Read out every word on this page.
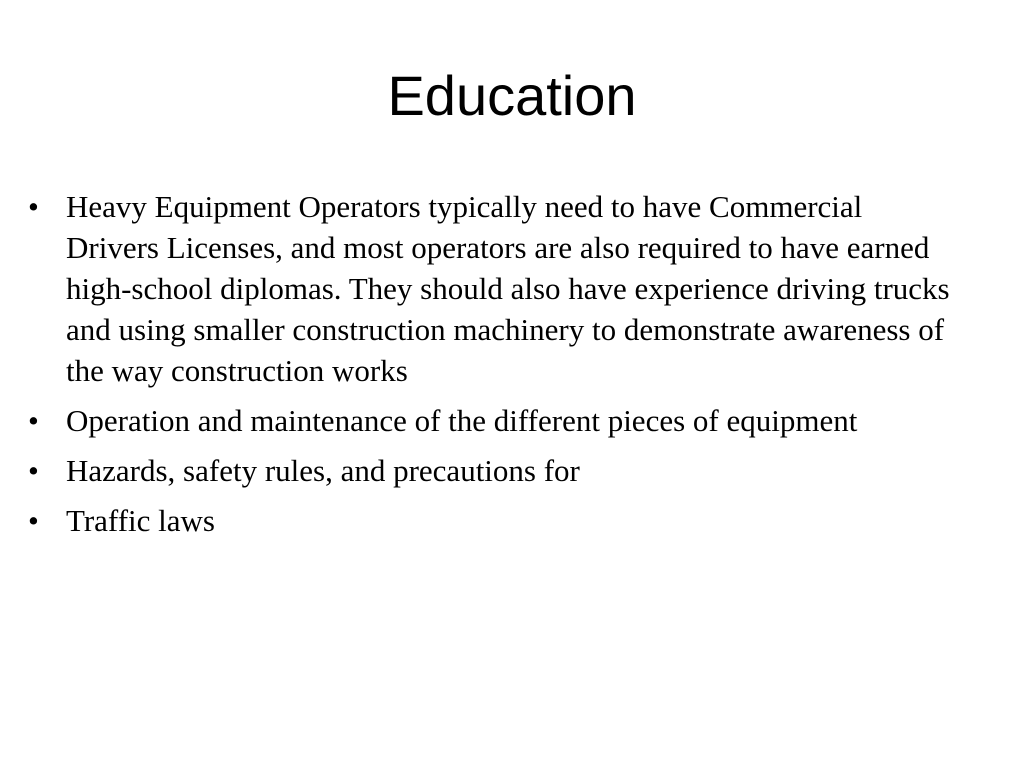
Education
• Heavy Equipment Operators typically need to have Commercial Drivers Licenses, and most operators are also required to have earned high-school diplomas. They should also have experience driving trucks and using smaller construction machinery to demonstrate awareness of the way construction works
• Operation and maintenance of the different pieces of equipment
• Hazards, safety rules, and precautions for
• Traffic laws
